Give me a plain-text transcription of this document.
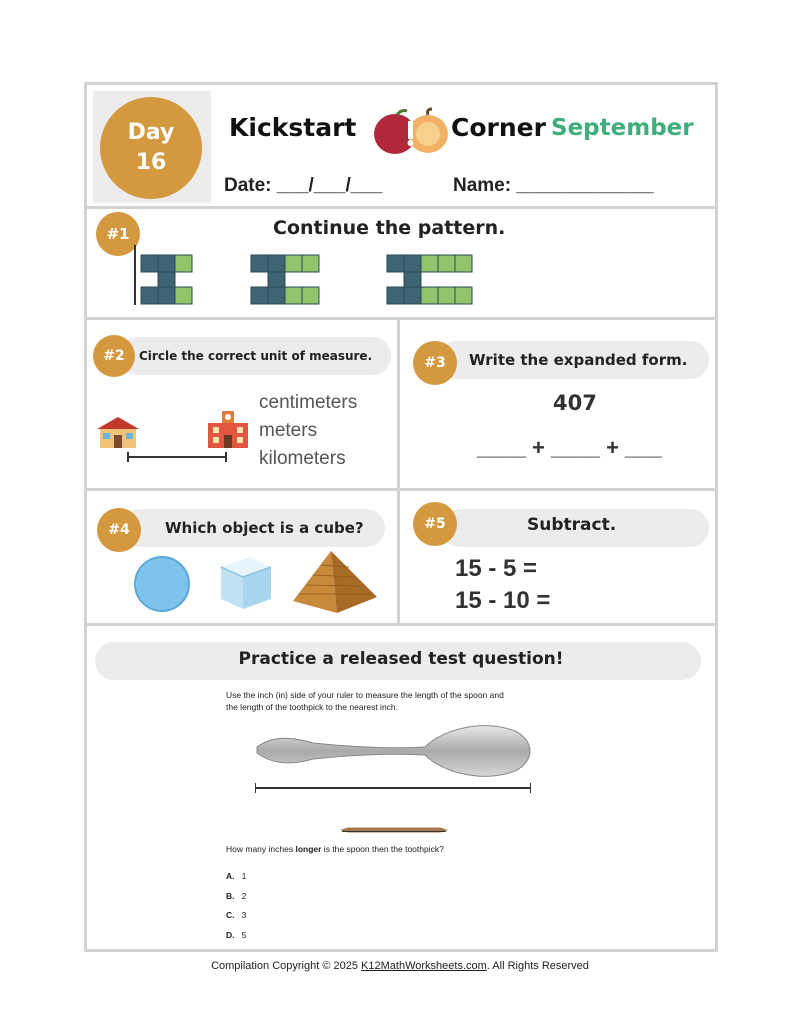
Day
16
Kickstart	Corner September
Date: ___/___/___	Name: _____________
#1	Continue the pattern.
#2	Circle the correct unit of measure.
centimeters
meters
kilometers
#3	Write the expanded form.
407
____ + ____ + ___
#4	Which object is a cube?	#5	Subtract.
15 - 5 =
15 - 10 =
Practice a released test question!
Use the inch (in) side of your ruler to measure the length of the spoon and
the length of the toothpick to the nearest inch.
How many inches longer is the spoon then the toothpick?
A. 1
B. 2
C. 3
D. 5
Compilation Copyright © 2025 K12MathWorksheets.com. All Rights Reserved
